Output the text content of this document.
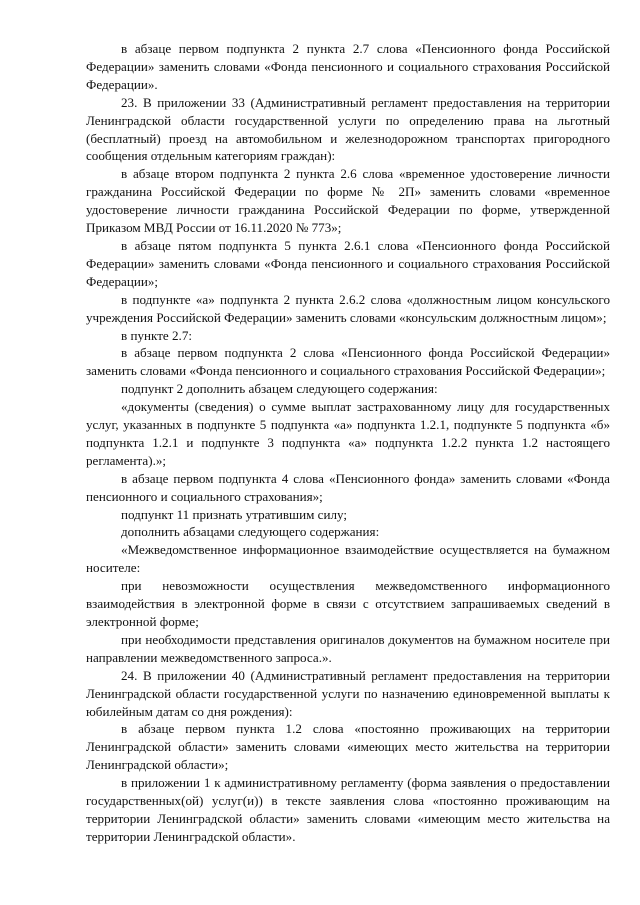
в абзаце первом подпункта 2 пункта 2.7 слова «Пенсионного фонда Российской Федерации» заменить словами «Фонда пенсионного и социального страхования Российской Федерации».

23. В приложении 33 (Административный регламент предоставления на территории Ленинградской области государственной услуги по определению права на льготный (бесплатный) проезд на автомобильном и железнодорожном транспортах пригородного сообщения отдельным категориям граждан):

в абзаце втором подпункта 2 пункта 2.6 слова «временное удостоверение личности гражданина Российской Федерации по форме № 2П» заменить словами «временное удостоверение личности гражданина Российской Федерации по форме, утвержденной Приказом МВД России от 16.11.2020 № 773»;

в абзаце пятом подпункта 5 пункта 2.6.1 слова «Пенсионного фонда Российской Федерации» заменить словами «Фонда пенсионного и социального страхования Российской Федерации»;

в подпункте «а» подпункта 2 пункта 2.6.2 слова «должностным лицом консульского учреждения Российской Федерации» заменить словами «консульским должностным лицом»;

в пункте 2.7:

в абзаце первом подпункта 2 слова «Пенсионного фонда Российской Федерации» заменить словами «Фонда пенсионного и социального страхования Российской Федерации»;

подпункт 2 дополнить абзацем следующего содержания:

«документы (сведения) о сумме выплат застрахованному лицу для государственных услуг, указанных в подпункте 5 подпункта «а» подпункта 1.2.1, подпункте 5 подпункта «б» подпункта 1.2.1 и подпункте 3 подпункта «а» подпункта 1.2.2 пункта 1.2 настоящего регламента).»;

в абзаце первом подпункта 4 слова «Пенсионного фонда» заменить словами «Фонда пенсионного и социального страхования»;

подпункт 11 признать утратившим силу;

дополнить абзацами следующего содержания:

«Межведомственное информационное взаимодействие осуществляется на бумажном носителе:

при невозможности осуществления межведомственного информационного взаимодействия в электронной форме в связи с отсутствием запрашиваемых сведений в электронной форме;

при необходимости представления оригиналов документов на бумажном носителе при направлении межведомственного запроса.».

24. В приложении 40 (Административный регламент предоставления на территории Ленинградской области государственной услуги по назначению единовременной выплаты к юбилейным датам со дня рождения):

в абзаце первом пункта 1.2 слова «постоянно проживающих на территории Ленинградской области» заменить словами «имеющих место жительства на территории Ленинградской области»;

в приложении 1 к административному регламенту (форма заявления о предоставлении государственных(ой) услуг(и)) в тексте заявления слова «постоянно проживающим на территории Ленинградской области» заменить словами «имеющим место жительства на территории Ленинградской области».
